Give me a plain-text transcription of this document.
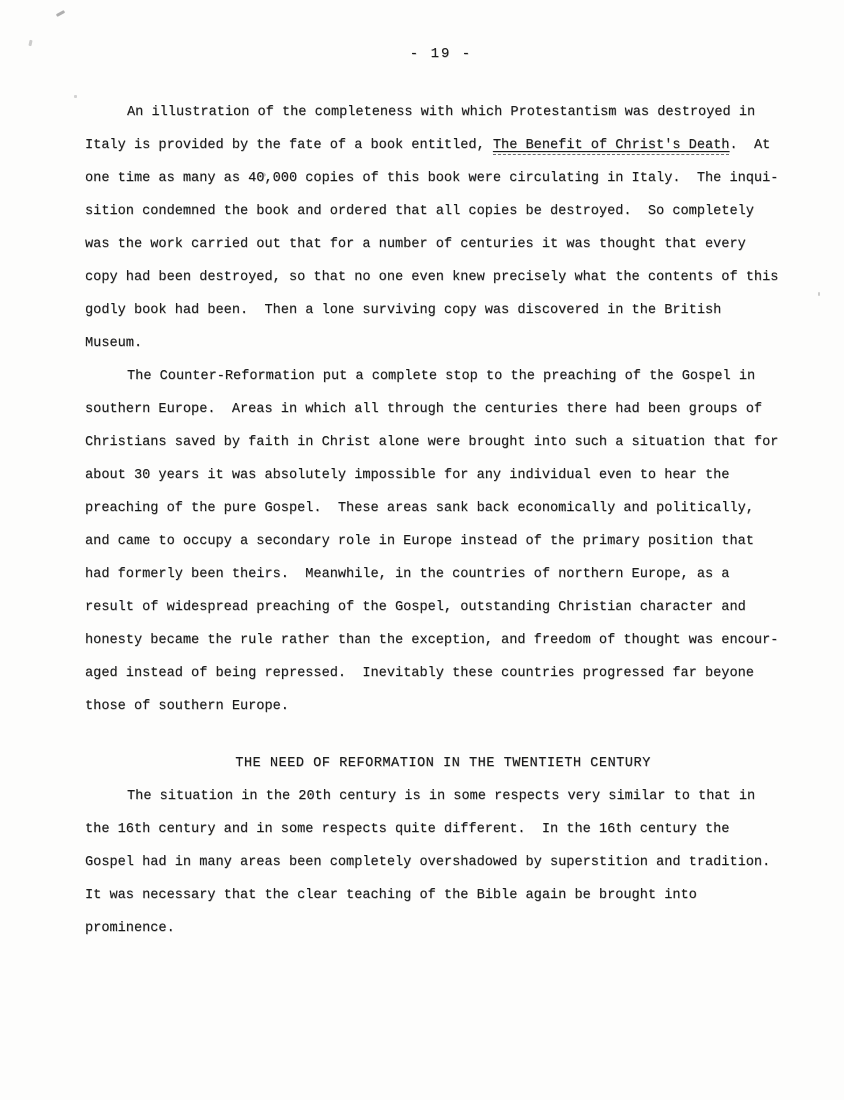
- 19 -
An illustration of the completeness with which Protestantism was destroyed in
Italy is provided by the fate of a book entitled, The Benefit of Christ's Death.  At
one time as many as 40,000 copies of this book were circulating in Italy.  The inqui-
sition condemned the book and ordered that all copies be destroyed.  So completely
was the work carried out that for a number of centuries it was thought that every
copy had been destroyed, so that no one even knew precisely what the contents of this
godly book had been.  Then a lone surviving copy was discovered in the British
Museum.
The Counter-Reformation put a complete stop to the preaching of the Gospel in
southern Europe.  Areas in which all through the centuries there had been groups of
Christians saved by faith in Christ alone were brought into such a situation that for
about 30 years it was absolutely impossible for any individual even to hear the
preaching of the pure Gospel.  These areas sank back economically and politically,
and came to occupy a secondary role in Europe instead of the primary position that
had formerly been theirs.  Meanwhile, in the countries of northern Europe, as a
result of widespread preaching of the Gospel, outstanding Christian character and
honesty became the rule rather than the exception, and freedom of thought was encour-
aged instead of being repressed.  Inevitably these countries progressed far beyone
those of southern Europe.
THE NEED OF REFORMATION IN THE TWENTIETH CENTURY
The situation in the 20th century is in some respects very similar to that in
the 16th century and in some respects quite different.  In the 16th century the
Gospel had in many areas been completely overshadowed by superstition and tradition.
It was necessary that the clear teaching of the Bible again be brought into
prominence.
